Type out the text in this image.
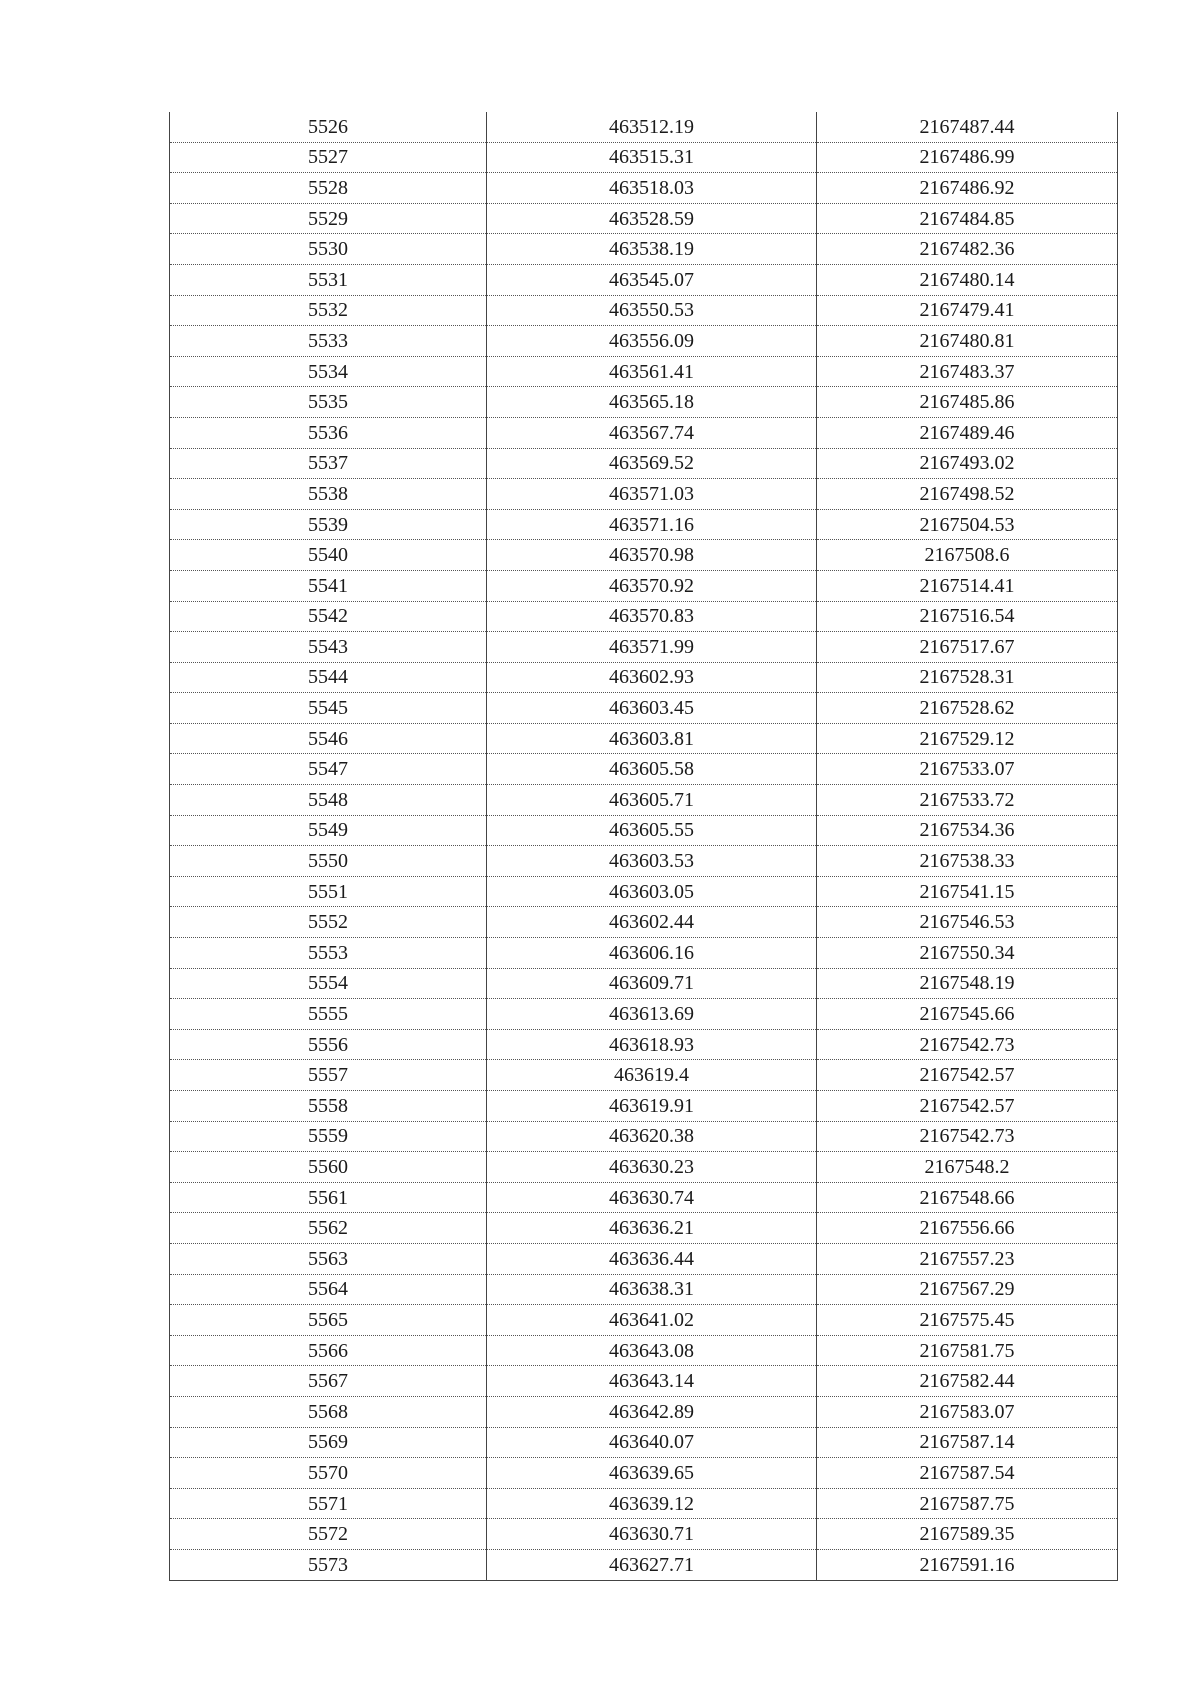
5526	463512.19	2167487.44
5527	463515.31	2167486.99
5528	463518.03	2167486.92
5529	463528.59	2167484.85
5530	463538.19	2167482.36
5531	463545.07	2167480.14
5532	463550.53	2167479.41
5533	463556.09	2167480.81
5534	463561.41	2167483.37
5535	463565.18	2167485.86
5536	463567.74	2167489.46
5537	463569.52	2167493.02
5538	463571.03	2167498.52
5539	463571.16	2167504.53
5540	463570.98	2167508.6
5541	463570.92	2167514.41
5542	463570.83	2167516.54
5543	463571.99	2167517.67
5544	463602.93	2167528.31
5545	463603.45	2167528.62
5546	463603.81	2167529.12
5547	463605.58	2167533.07
5548	463605.71	2167533.72
5549	463605.55	2167534.36
5550	463603.53	2167538.33
5551	463603.05	2167541.15
5552	463602.44	2167546.53
5553	463606.16	2167550.34
5554	463609.71	2167548.19
5555	463613.69	2167545.66
5556	463618.93	2167542.73
5557	463619.4	2167542.57
5558	463619.91	2167542.57
5559	463620.38	2167542.73
5560	463630.23	2167548.2
5561	463630.74	2167548.66
5562	463636.21	2167556.66
5563	463636.44	2167557.23
5564	463638.31	2167567.29
5565	463641.02	2167575.45
5566	463643.08	2167581.75
5567	463643.14	2167582.44
5568	463642.89	2167583.07
5569	463640.07	2167587.14
5570	463639.65	2167587.54
5571	463639.12	2167587.75
5572	463630.71	2167589.35
5573	463627.71	2167591.16
